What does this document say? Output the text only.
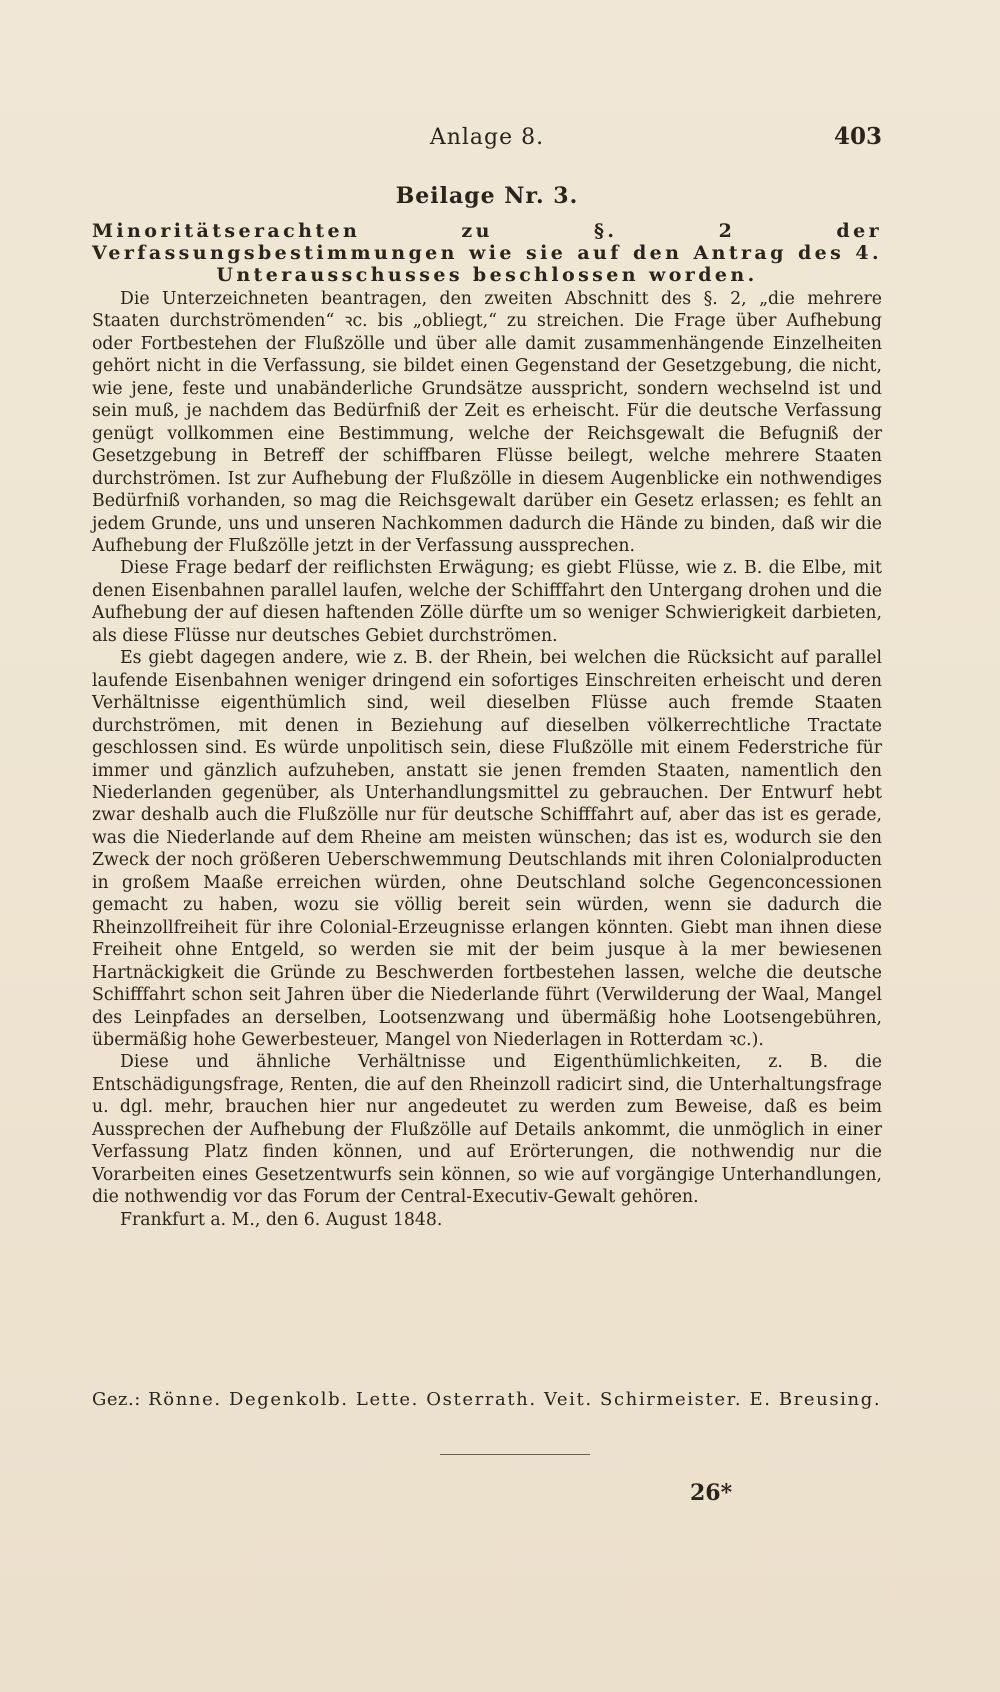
Anlage 8.	403
Beilage Nr. 3.
Minoritätserachten zu §. 2 der Verfassungsbestimmungen wie sie auf den Antrag des 4. Unterausschusses beschlossen worden.

Die Unterzeichneten beantragen, den zweiten Abschnitt des §. 2, „die mehrere Staaten durchströmenden“ ꝛc. bis „obliegt,“ zu streichen. Die Frage über Aufhebung oder Fortbestehen der Flußzölle und über alle damit zusammenhängende Einzelheiten gehört nicht in die Verfassung, sie bildet einen Gegenstand der Gesetzgebung, die nicht, wie jene, feste und unabänderliche Grundsätze ausspricht, sondern wechselnd ist und sein muß, je nachdem das Bedürfniß der Zeit es erheischt. Für die deutsche Verfassung genügt vollkommen eine Bestimmung, welche der Reichsgewalt die Befugniß der Gesetzgebung in Betreff der schiffbaren Flüsse beilegt, welche mehrere Staaten durchströmen. Ist zur Aufhebung der Flußzölle in diesem Augenblicke ein nothwendiges Bedürfniß vorhanden, so mag die Reichsgewalt darüber ein Gesetz erlassen; es fehlt an jedem Grunde, uns und unseren Nachkommen dadurch die Hände zu binden, daß wir die Aufhebung der Flußzölle jetzt in der Verfassung aussprechen.

Diese Frage bedarf der reiflichsten Erwägung; es giebt Flüsse, wie z. B. die Elbe, mit denen Eisenbahnen parallel laufen, welche der Schifffahrt den Untergang drohen und die Aufhebung der auf diesen haftenden Zölle dürfte um so weniger Schwierigkeit darbieten, als diese Flüsse nur deutsches Gebiet durchströmen.

Es giebt dagegen andere, wie z. B. der Rhein, bei welchen die Rücksicht auf parallel laufende Eisenbahnen weniger dringend ein sofortiges Einschreiten erheischt und deren Verhältnisse eigenthümlich sind, weil dieselben Flüsse auch fremde Staaten durchströmen, mit denen in Beziehung auf dieselben völkerrechtliche Tractate geschlossen sind. Es würde unpolitisch sein, diese Flußzölle mit einem Federstriche für immer und gänzlich aufzuheben, anstatt sie jenen fremden Staaten, namentlich den Niederlanden gegenüber, als Unterhandlungsmittel zu gebrauchen. Der Entwurf hebt zwar deshalb auch die Flußzölle nur für deutsche Schifffahrt auf, aber das ist es gerade, was die Niederlande auf dem Rheine am meisten wünschen; das ist es, wodurch sie den Zweck der noch größeren Ueberschwemmung Deutschlands mit ihren Colonialproducten in großem Maaße erreichen würden, ohne Deutschland solche Gegenconcessionen gemacht zu haben, wozu sie völlig bereit sein würden, wenn sie dadurch die Rheinzollfreiheit für ihre Colonial-Erzeugnisse erlangen könnten. Giebt man ihnen diese Freiheit ohne Entgeld, so werden sie mit der beim jusque à la mer bewiesenen Hartnäckigkeit die Gründe zu Beschwerden fortbestehen lassen, welche die deutsche Schifffahrt schon seit Jahren über die Niederlande führt (Verwilderung der Waal, Mangel des Leinpfades an derselben, Lootsenzwang und übermäßig hohe Lootsengebühren, übermäßig hohe Gewerbesteuer, Mangel von Niederlagen in Rotterdam ꝛc.).

Diese und ähnliche Verhältnisse und Eigenthümlichkeiten, z. B. die Entschädigungsfrage, Renten, die auf den Rheinzoll radicirt sind, die Unterhaltungsfrage u. dgl. mehr, brauchen hier nur angedeutet zu werden zum Beweise, daß es beim Aussprechen der Aufhebung der Flußzölle auf Details ankommt, die unmöglich in einer Verfassung Platz finden können, und auf Erörterungen, die nothwendig nur die Vorarbeiten eines Gesetzentwurfs sein können, so wie auf vorgängige Unterhandlungen, die nothwendig vor das Forum der Central-Executiv-Gewalt gehören.

Frankfurt a. M., den 6. August 1848.

Gez.: Rönne. Degenkolb. Lette. Osterrath. Veit. Schirmeister. E. Breusing.
26*
